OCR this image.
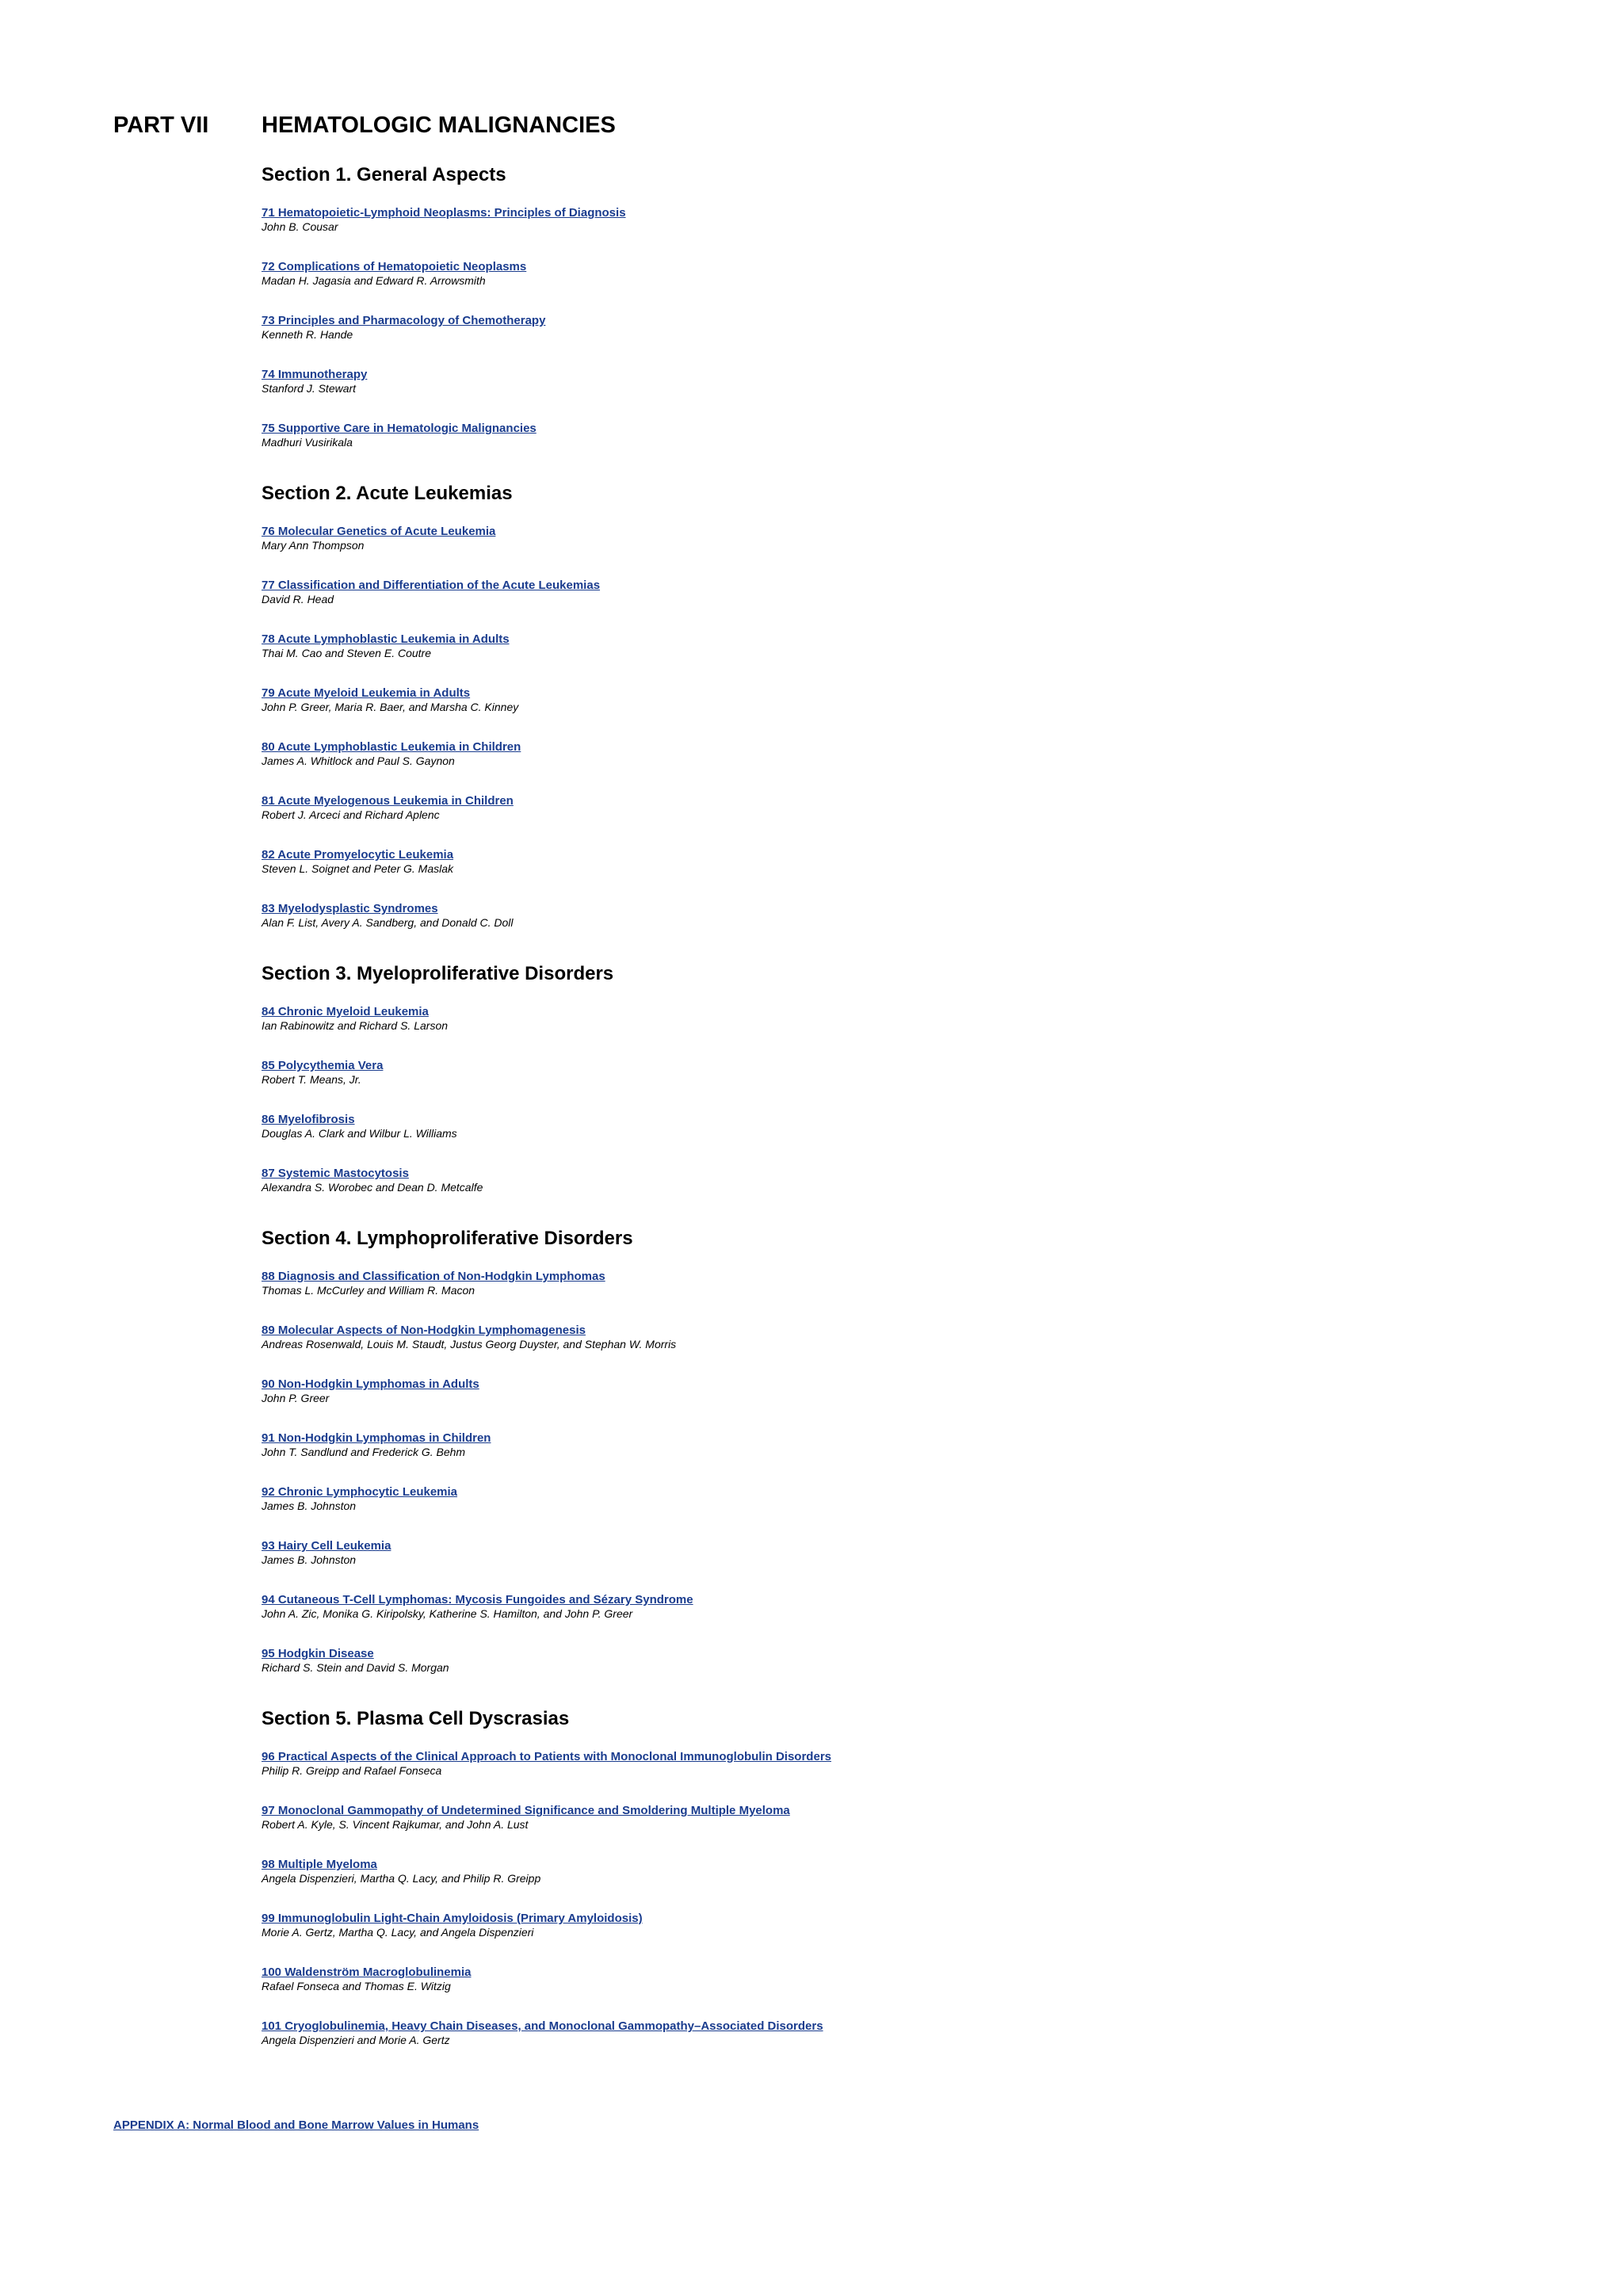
PART VII HEMATOLOGIC MALIGNANCIES
Section 1. General Aspects
71 Hematopoietic-Lymphoid Neoplasms: Principles of Diagnosis
John B. Cousar
72 Complications of Hematopoietic Neoplasms
Madan H. Jagasia and Edward R. Arrowsmith
73 Principles and Pharmacology of Chemotherapy
Kenneth R. Hande
74 Immunotherapy
Stanford J. Stewart
75 Supportive Care in Hematologic Malignancies
Madhuri Vusirikala
Section 2. Acute Leukemias
76 Molecular Genetics of Acute Leukemia
Mary Ann Thompson
77 Classification and Differentiation of the Acute Leukemias
David R. Head
78 Acute Lymphoblastic Leukemia in Adults
Thai M. Cao and Steven E. Coutre
79 Acute Myeloid Leukemia in Adults
John P. Greer, Maria R. Baer, and Marsha C. Kinney
80 Acute Lymphoblastic Leukemia in Children
James A. Whitlock and Paul S. Gaynon
81 Acute Myelogenous Leukemia in Children
Robert J. Arceci and Richard Aplenc
82 Acute Promyelocytic Leukemia
Steven L. Soignet and Peter G. Maslak
83 Myelodysplastic Syndromes
Alan F. List, Avery A. Sandberg, and Donald C. Doll
Section 3. Myeloproliferative Disorders
84 Chronic Myeloid Leukemia
Ian Rabinowitz and Richard S. Larson
85 Polycythemia Vera
Robert T. Means, Jr.
86 Myelofibrosis
Douglas A. Clark and Wilbur L. Williams
87 Systemic Mastocytosis
Alexandra S. Worobec and Dean D. Metcalfe
Section 4. Lymphoproliferative Disorders
88 Diagnosis and Classification of Non-Hodgkin Lymphomas
Thomas L. McCurley and William R. Macon
89 Molecular Aspects of Non-Hodgkin Lymphomagenesis
Andreas Rosenwald, Louis M. Staudt, Justus Georg Duyster, and Stephan W. Morris
90 Non-Hodgkin Lymphomas in Adults
John P. Greer
91 Non-Hodgkin Lymphomas in Children
John T. Sandlund and Frederick G. Behm
92 Chronic Lymphocytic Leukemia
James B. Johnston
93 Hairy Cell Leukemia
James B. Johnston
94 Cutaneous T-Cell Lymphomas: Mycosis Fungoides and Sézary Syndrome
John A. Zic, Monika G. Kiripolsky, Katherine S. Hamilton, and John P. Greer
95 Hodgkin Disease
Richard S. Stein and David S. Morgan
Section 5. Plasma Cell Dyscrasias
96 Practical Aspects of the Clinical Approach to Patients with Monoclonal Immunoglobulin Disorders
Philip R. Greipp and Rafael Fonseca
97 Monoclonal Gammopathy of Undetermined Significance and Smoldering Multiple Myeloma
Robert A. Kyle, S. Vincent Rajkumar, and John A. Lust
98 Multiple Myeloma
Angela Dispenzieri, Martha Q. Lacy, and Philip R. Greipp
99 Immunoglobulin Light-Chain Amyloidosis (Primary Amyloidosis)
Morie A. Gertz, Martha Q. Lacy, and Angela Dispenzieri
100 Waldenström Macroglobulinemia
Rafael Fonseca and Thomas E. Witzig
101 Cryoglobulinemia, Heavy Chain Diseases, and Monoclonal Gammopathy–Associated Disorders
Angela Dispenzieri and Morie A. Gertz
APPENDIX A: Normal Blood and Bone Marrow Values in Humans
